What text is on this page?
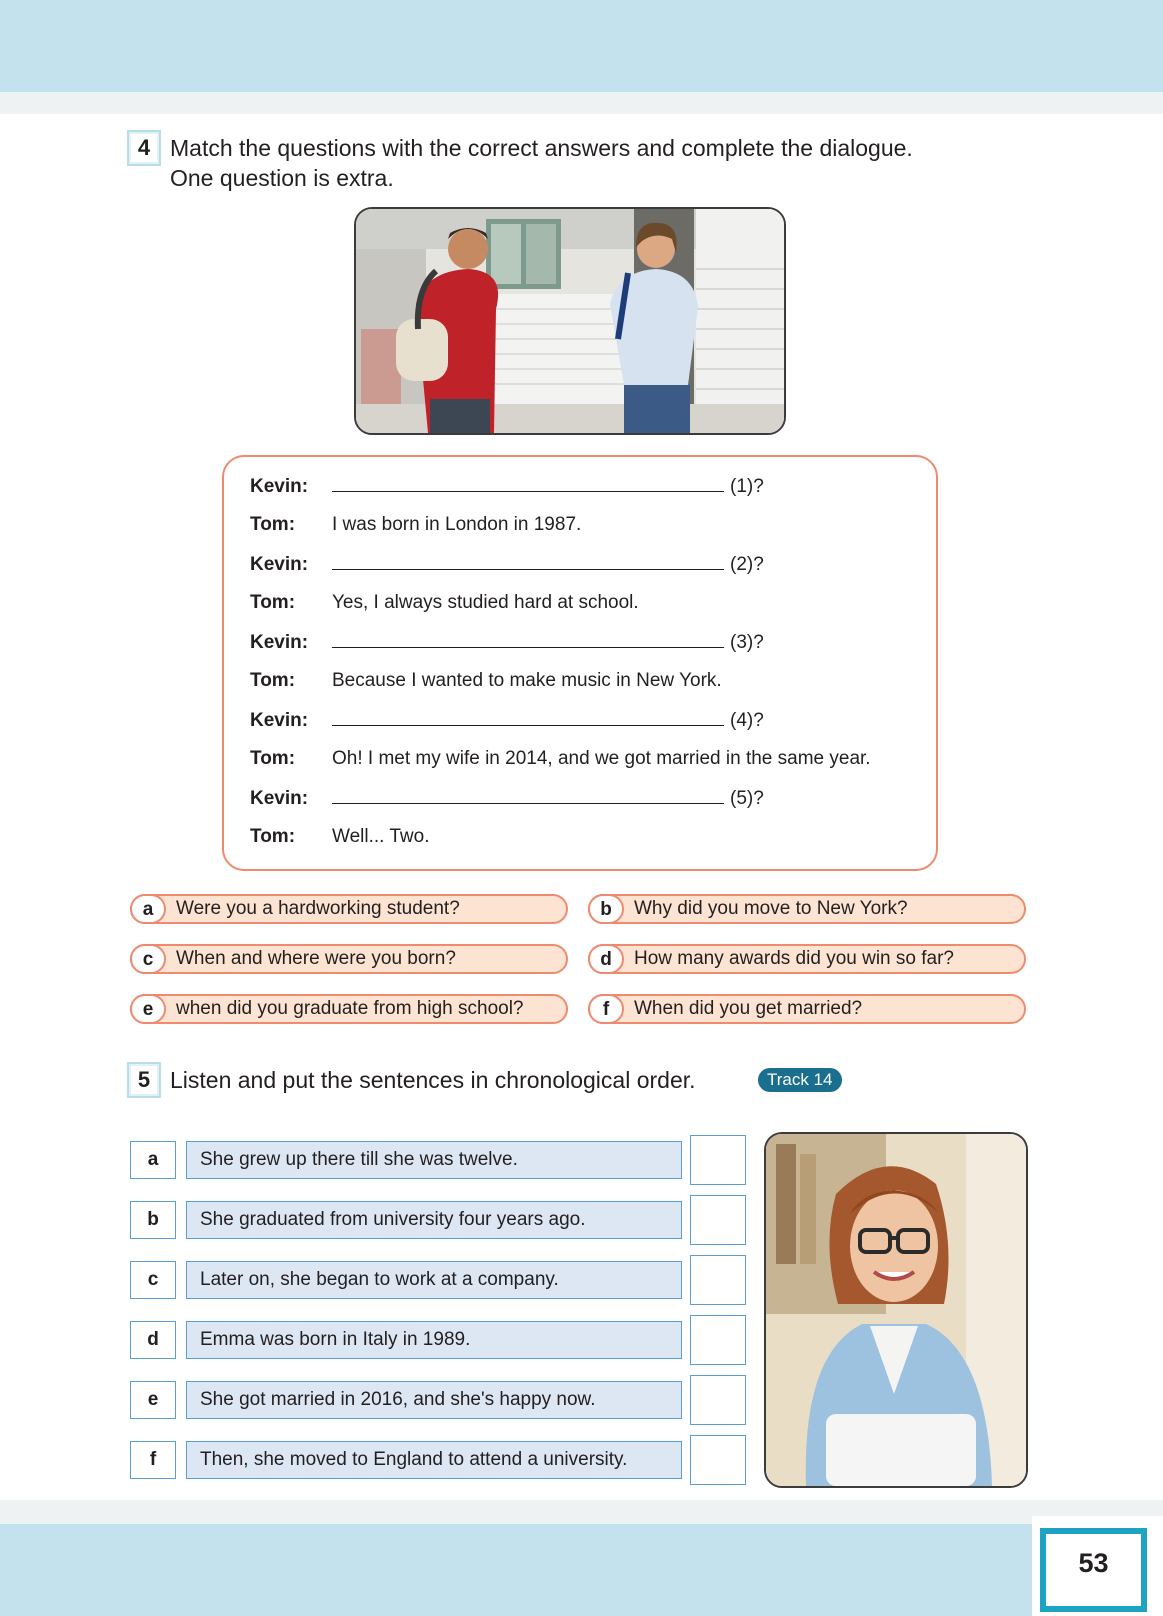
53
4 Match the questions with the correct answers and complete the dialogue.
One question is extra.
Kevin:	(1)?
Tom: I was born in London in 1987.
Kevin:	(2)?
Tom: Yes, I always studied hard at school.
Kevin:	(3)?
Tom: Because I wanted to make music in New York.
Kevin:	(4)?
Tom: Oh! I met my wife in 2014, and we got married in the same year.
Kevin:	(5)?
Tom: Well... Two.
a	Were you a hardworking student?	b	Why did you move to New York?
c	When and where were you born?	d	How many awards did you win so far?
e	when did you graduate from high school?	f	When did you get married?
5 Listen and put the sentences in chronological order.	Track 14
a	She grew up there till she was twelve.
b	She graduated from university four years ago.
c	Later on, she began to work at a company.
d	Emma was born in Italy in 1989.
e	She got married in 2016, and she's happy now.
f	Then, she moved to England to attend a university.
